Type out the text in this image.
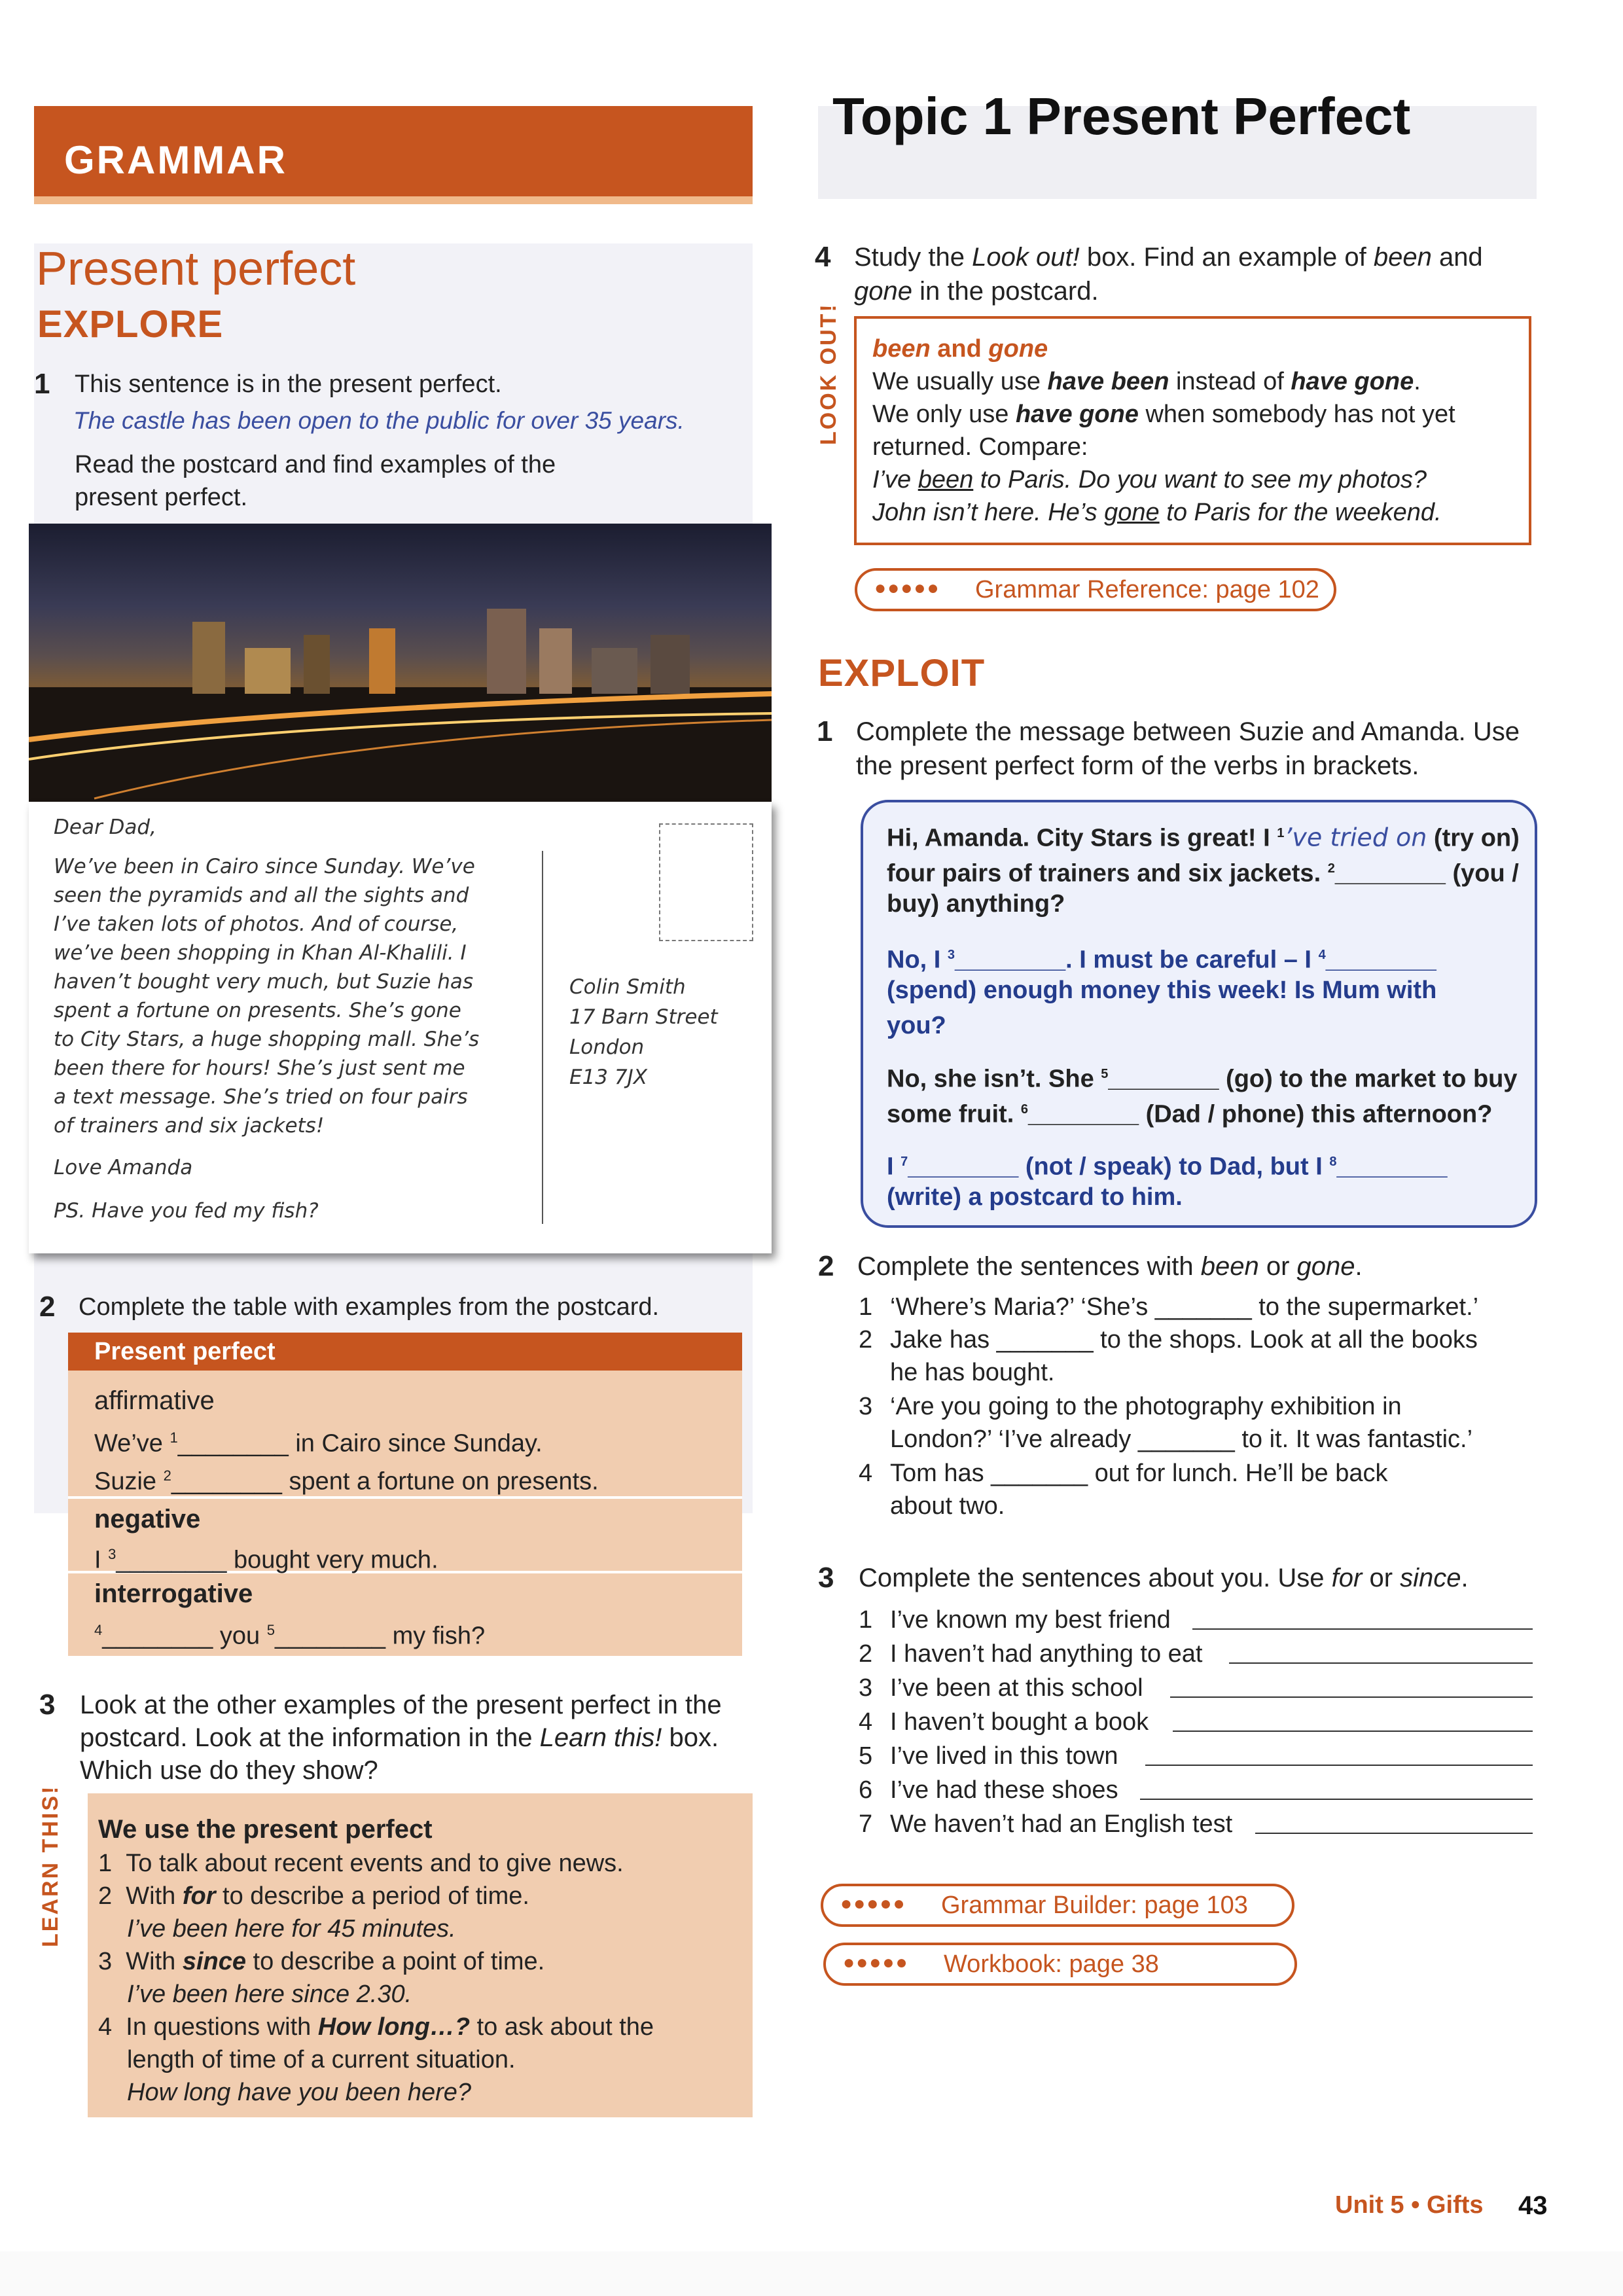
GRAMMAR
Topic 1 Present Perfect
Present perfect
EXPLORE
1 This sentence is in the present perfect.
The castle has been open to the public for over 35 years.
Read the postcard and find examples of the
present perfect.
Dear Dad,
We’ve been in Cairo since Sunday. We’ve
seen the pyramids and all the sights and
I’ve taken lots of photos. And of course,
we’ve been shopping in Khan Al-Khalili. I
haven’t bought very much, but Suzie has
spent a fortune on presents. She’s gone
to City Stars, a huge shopping mall. She’s
been there for hours! She’s just sent me
a text message. She’s tried on four pairs
of trainers and six jackets!
Love Amanda
PS. Have you fed my fish?
Colin Smith
17 Barn Street
London
E13 7JX
2 Complete the table with examples from the postcard.
Present perfect
affirmative
We’ve $^1$________ in Cairo since Sunday.
Suzie $^2$________ spent a fortune on presents.
negative
I $^3$________ bought very much.
interrogative
$^4$________ you $^5$________ my fish?
3 Look at the other examples of the present perfect in the
postcard. Look at the information in the Learn this! box.
Which use do they show?
LEARN THIS! We use the present perfect
1 To talk about recent events and to give news.
2 With for to describe a period of time.
I’ve been here for 45 minutes.
3 With since to describe a point of time.
I’ve been here since 2.30.
4 In questions with How long…? to ask about the
length of time of a current situation.
How long have you been here?
4 Study the Look out! box. Find an example of been and
gone in the postcard.
LOOK OUT! been and gone
We usually use have been instead of have gone.
We only use have gone when somebody has not yet
returned. Compare:
I’ve been to Paris. Do you want to see my photos?
John isn’t here. He’s gone to Paris for the weekend.
●●●●● Grammar Reference: page 102
EXPLOIT
1 Complete the message between Suzie and Amanda. Use
the present perfect form of the verbs in brackets.
Hi, Amanda. City Stars is great! I $^1$’ve tried on (try on)
four pairs of trainers and six jackets. $^2$________ (you /
buy) anything?
No, I $^3$________. I must be careful – I $^4$________
(spend) enough money this week! Is Mum with
you?
No, she isn’t. She $^5$________ (go) to the market to buy
some fruit. $^6$________ (Dad / phone) this afternoon?
I $^7$________ (not / speak) to Dad, but I $^8$________
(write) a postcard to him.
2 Complete the sentences with been or gone.
1 ‘Where’s Maria?’ ‘She’s _______ to the supermarket.’
2 Jake has _______ to the shops. Look at all the books
he has bought.
3 ‘Are you going to the photography exhibition in
London?’ ‘I’ve already _______ to it. It was fantastic.’
4 Tom has _______ out for lunch. He’ll be back
about two.
3 Complete the sentences about you. Use for or since.
1 I’ve known my best friend
2 I haven’t had anything to eat
3 I’ve been at this school
4 I haven’t bought a book
5 I’ve lived in this town
6 I’ve had these shoes
7 We haven’t had an English test
●●●●● Grammar Builder: page 103
●●●●● Workbook: page 38
Unit 5 • Gifts 43
